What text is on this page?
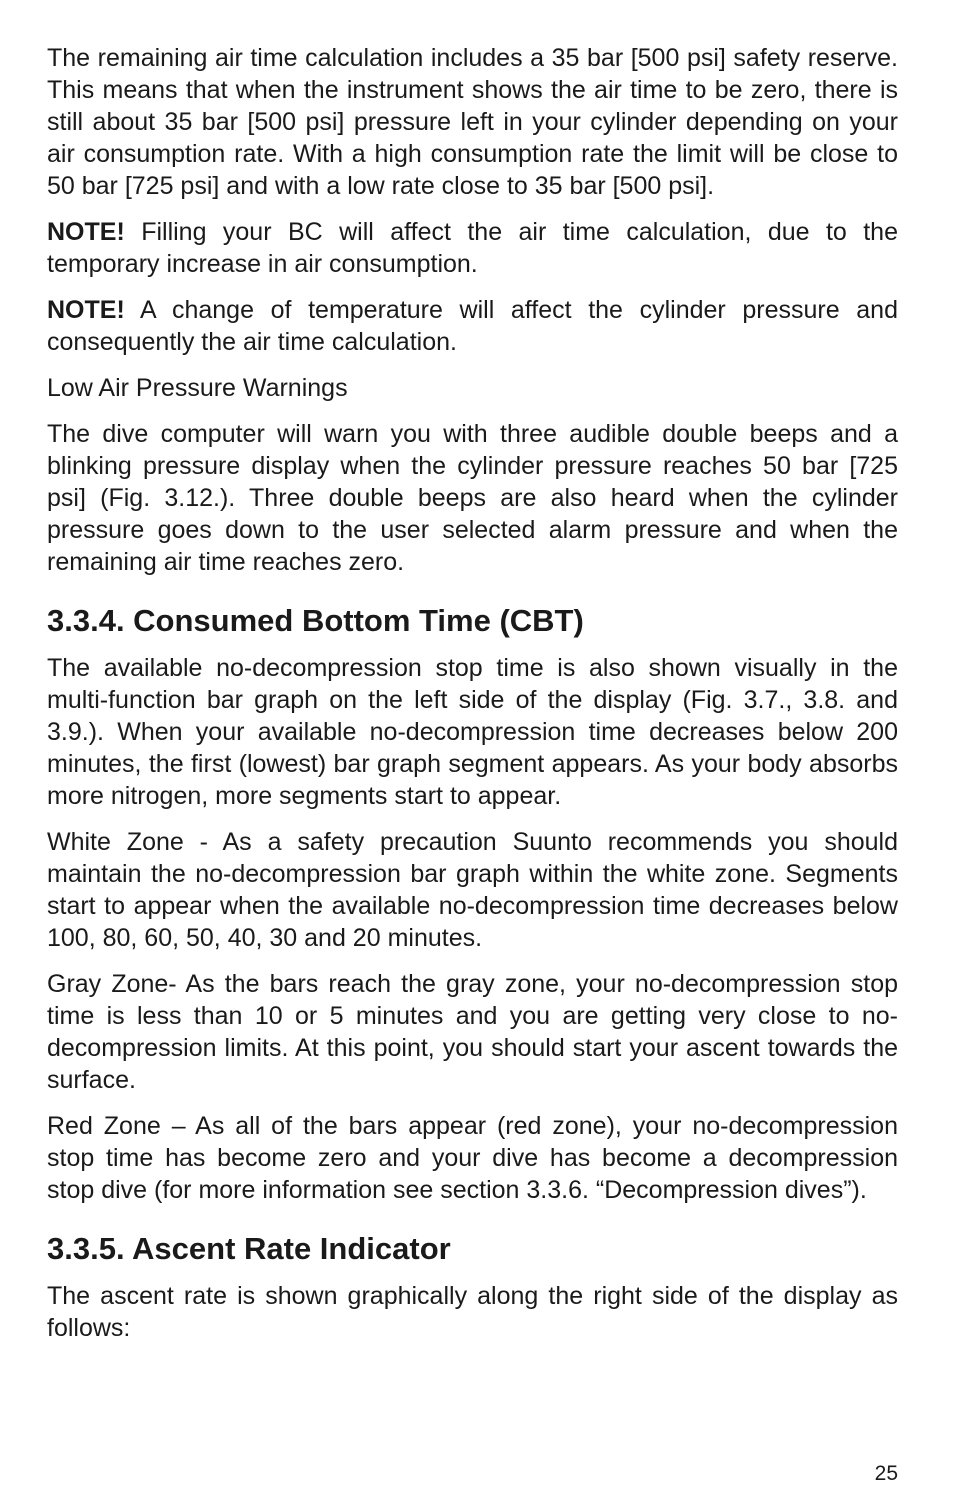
The remaining air time calculation includes a 35 bar [500 psi] safety reserve. This means that when the instrument shows the air time to be zero, there is still about 35 bar [500 psi] pressure left in your cylinder depending on your air consumption rate. With a high consumption rate the limit will be close to 50 bar [725 psi] and with a low rate close to 35 bar [500 psi].

NOTE! Filling your BC will affect the air time calculation, due to the temporary increase in air consumption.

NOTE! A change of temperature will affect the cylinder pressure and consequently the air time calculation.

Low Air Pressure Warnings

The dive computer will warn you with three audible double beeps and a blinking pressure display when the cylinder pressure reaches 50 bar [725 psi] (Fig. 3.12.). Three double beeps are also heard when the cylinder pressure goes down to the user selected alarm pressure and when the remaining air time reaches zero.

3.3.4. Consumed Bottom Time (CBT)

The available no-decompression stop time is also shown visually in the multi-function bar graph on the left side of the display (Fig. 3.7., 3.8. and 3.9.). When your available no-decompression time decreases below 200 minutes, the first (lowest) bar graph segment appears. As your body absorbs more nitrogen, more segments start to appear.

White Zone - As a safety precaution Suunto recommends you should maintain the no-decompression bar graph within the white zone. Segments start to appear when the available no-decompression time decreases below 100, 80, 60, 50, 40, 30 and 20 minutes.

Gray Zone- As the bars reach the gray zone, your no-decompression stop time is less than 10 or 5 minutes and you are getting very close to no-decompression limits. At this point, you should start your ascent towards the surface.

Red Zone – As all of the bars appear (red zone), your no-decompression stop time has become zero and your dive has become a decompression stop dive (for more information see section 3.3.6. “Decompression dives”).

3.3.5. Ascent Rate Indicator

The ascent rate is shown graphically along the right side of the display as follows:

25
